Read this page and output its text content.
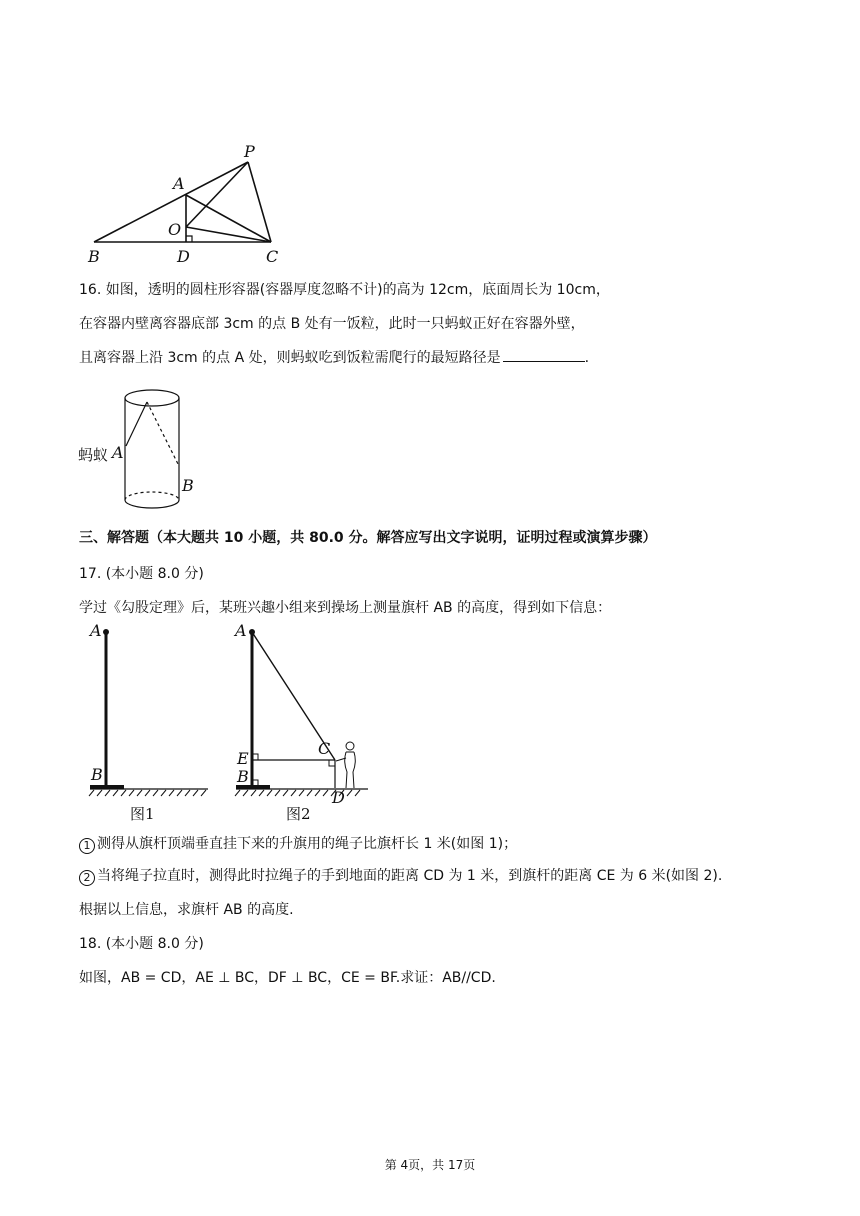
P
A
O
B	D	C
16. 如图，透明的圆柱形容器(容器厚度忽略不计)的高为 12cm，底面周长为 10cm，
在容器内壁离容器底部 3cm 的点 B 处有一饭粒，此时一只蚂蚁正好在容器外壁，
且离容器上沿 3cm 的点 A 处，则蚂蚁吃到饭粒需爬行的最短路径是	.
蚂蚁 A
B
三、解答题（本大题共 10 小题，共 80.0 分。解答应写出文字说明，证明过程或演算步骤）
17. (本小题 8.0 分)
学过《勾股定理》后，某班兴趣小组来到操场上测量旗杆 AB 的高度，得到如下信息：
A
B
图1
A
E
B
C
D
图2
1 测得从旗杆顶端垂直挂下来的升旗用的绳子比旗杆长 1 米(如图 1)；
2 当将绳子拉直时，测得此时拉绳子的手到地面的距离 CD 为 1 米，到旗杆的距离 CE 为 6 米(如图 2).
根据以上信息，求旗杆 AB 的高度.
18. (本小题 8.0 分)
如图，AB = CD，AE ⊥ BC，DF ⊥ BC，CE = BF.求证：AB//CD.
第 4页，共 17页
